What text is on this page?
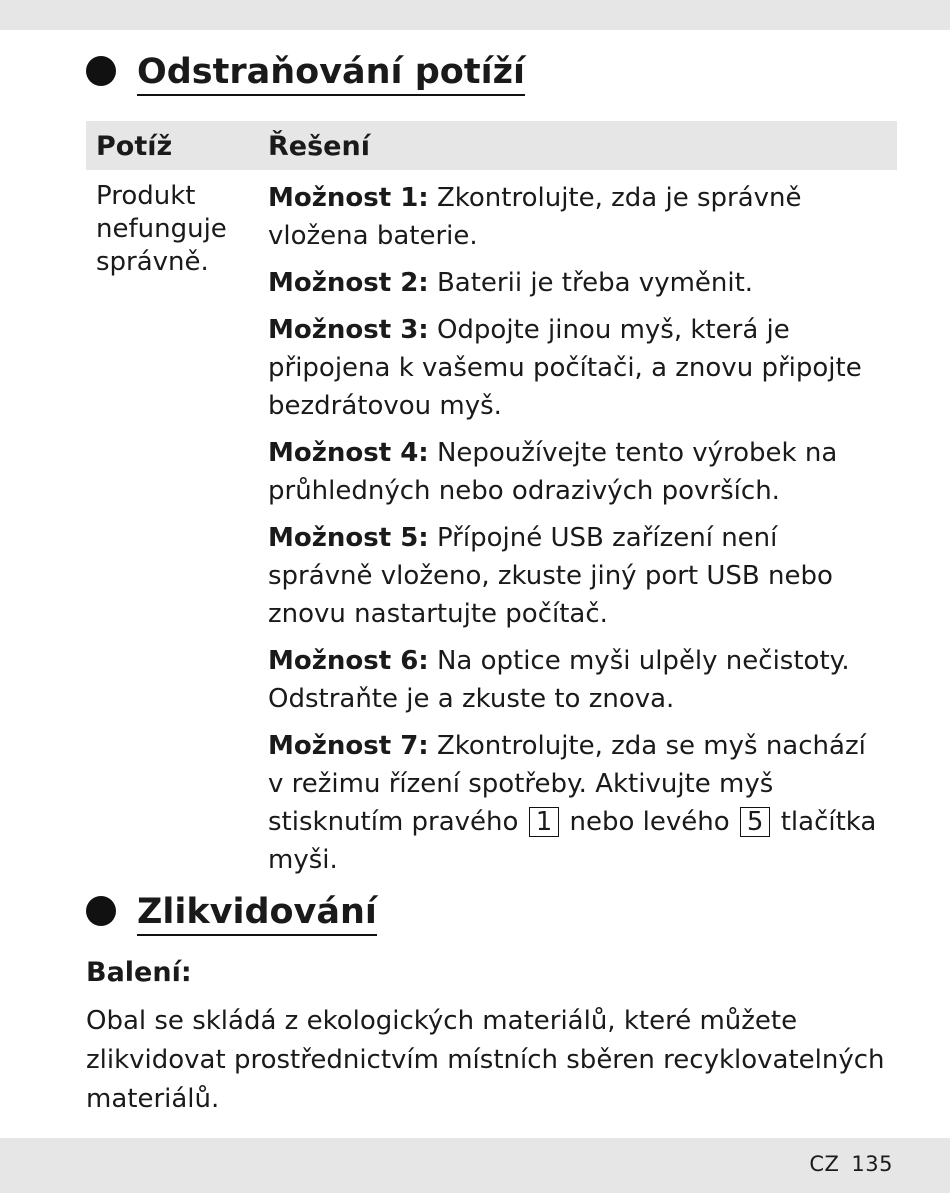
Odstraňování potíží
Potíž	Řešení
Produkt nefunguje správně.

Možnost 1: Zkontrolujte, zda je správně vložena baterie.

Možnost 2: Baterii je třeba vyměnit.

Možnost 3: Odpojte jinou myš, která je připojena k vašemu počítači, a znovu připojte bezdrátovou myš.

Možnost 4: Nepoužívejte tento výrobek na průhledných nebo odrazivých površích.

Možnost 5: Přípojné USB zařízení není správně vloženo, zkuste jiný port USB nebo znovu nastartujte počítač.

Možnost 6: Na optice myši ulpěly nečistoty. Odstraňte je a zkuste to znova.

Možnost 7: Zkontrolujte, zda se myš nachází v režimu řízení spotřeby. Aktivujte myš stisknutím pravého 1 nebo levého 5 tlačítka myši.

Zlikvidování
Balení:
Obal se skládá z ekologických materiálů, které můžete zlikvidovat prostřednictvím místních sběren recyklovatelných materiálů.
CZ 135
